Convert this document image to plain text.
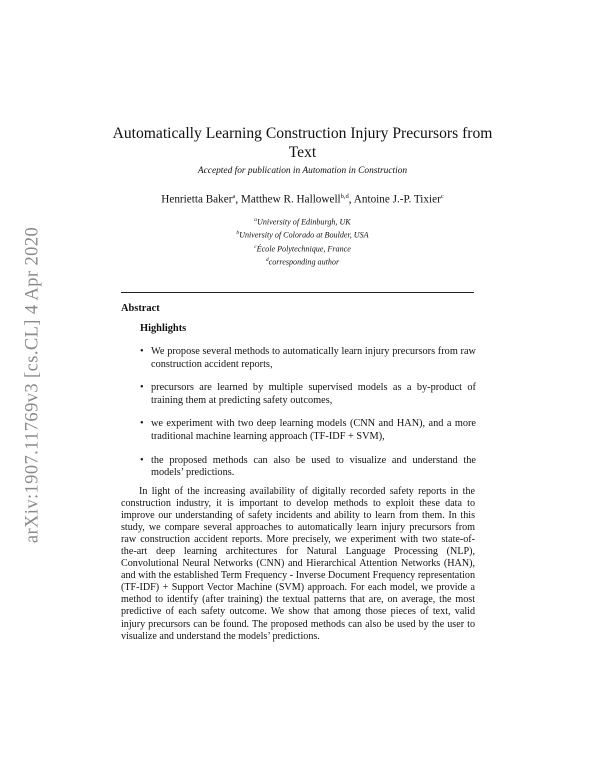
arXiv:1907.11769v3 [cs.CL] 4 Apr 2020
Automatically Learning Construction Injury Precursors from Text

Accepted for publication in Automation in Construction

Henrietta Baker$^a$, Matthew R. Hallowell$^{b,d}$, Antoine J.-P. Tixier$^c$

$^a$University of Edinburgh, UK

$^b$University of Colorado at Boulder, USA

$^c$École Polytechnique, France

$^d$corresponding author

Abstract
Highlights
• We propose several methods to automatically learn injury precursors from raw construction accident reports,
• precursors are learned by multiple supervised models as a by-product of training them at predicting safety outcomes,
• we experiment with two deep learning models (CNN and HAN), and a more traditional machine learning approach (TF-IDF + SVM),
• the proposed methods can also be used to visualize and understand the models’ predictions.

In light of the increasing availability of digitally recorded safety reports in the construction industry, it is important to develop methods to exploit these data to improve our understanding of safety incidents and ability to learn from them. In this study, we compare several approaches to automatically learn injury precursors from raw construction accident reports. More precisely, we experiment with two state-of-the-art deep learning architectures for Natural Language Processing (NLP), Convolutional Neural Networks (CNN) and Hierarchical Attention Networks (HAN), and with the established Term Frequency - Inverse Document Frequency representation (TF-IDF) + Support Vector Machine (SVM) approach. For each model, we provide a method to identify (after training) the textual patterns that are, on average, the most predictive of each safety outcome. We show that among those pieces of text, valid injury precursors can be found. The proposed methods can also be used by the user to visualize and understand the models’ predictions.
